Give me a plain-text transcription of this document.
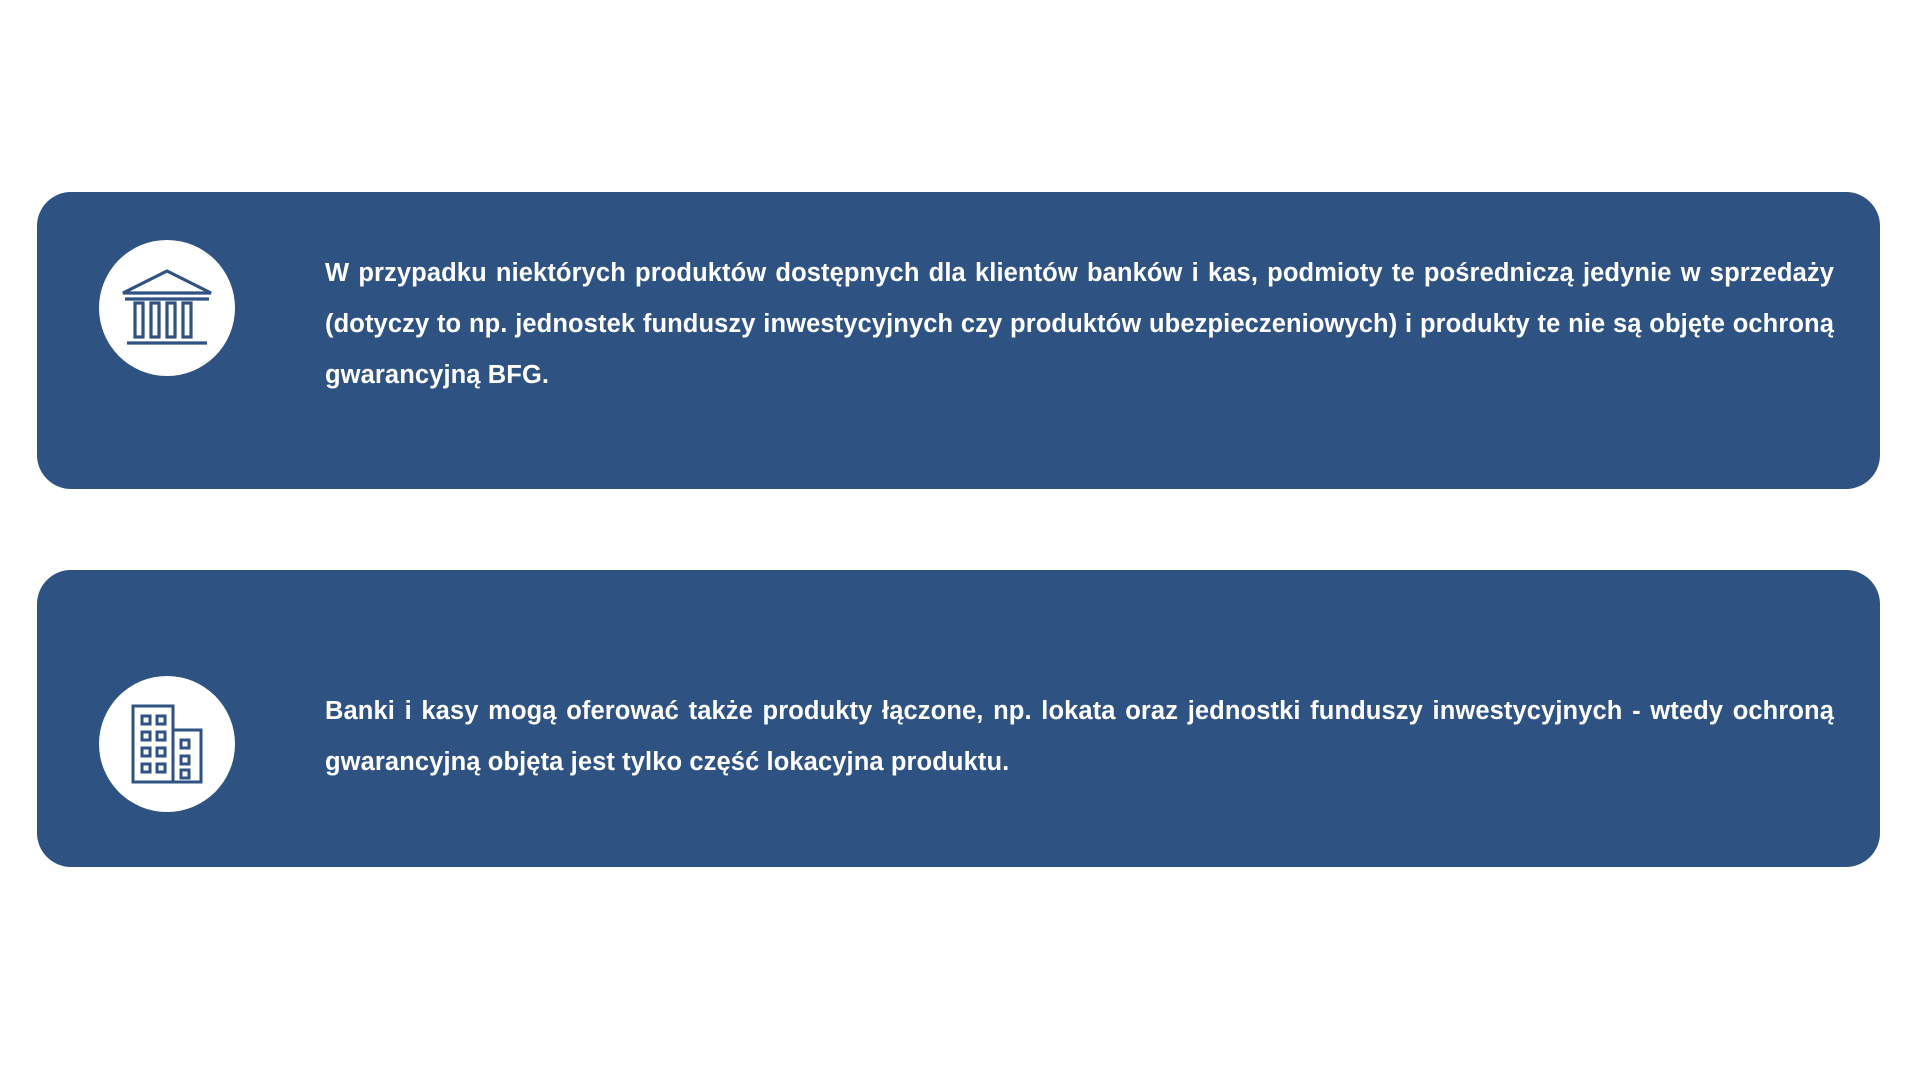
W przypadku niektórych produktów dostępnych dla klientów banków i kas, podmioty te pośredniczą jedynie w sprzedaży (dotyczy to np. jednostek funduszy inwestycyjnych czy produktów ubezpieczeniowych) i produkty te nie są objęte ochroną gwarancyjną BFG.
Banki i kasy mogą oferować także produkty łączone, np. lokata oraz jednostki funduszy inwestycyjnych - wtedy ochroną gwarancyjną objęta jest tylko część lokacyjna produktu.
